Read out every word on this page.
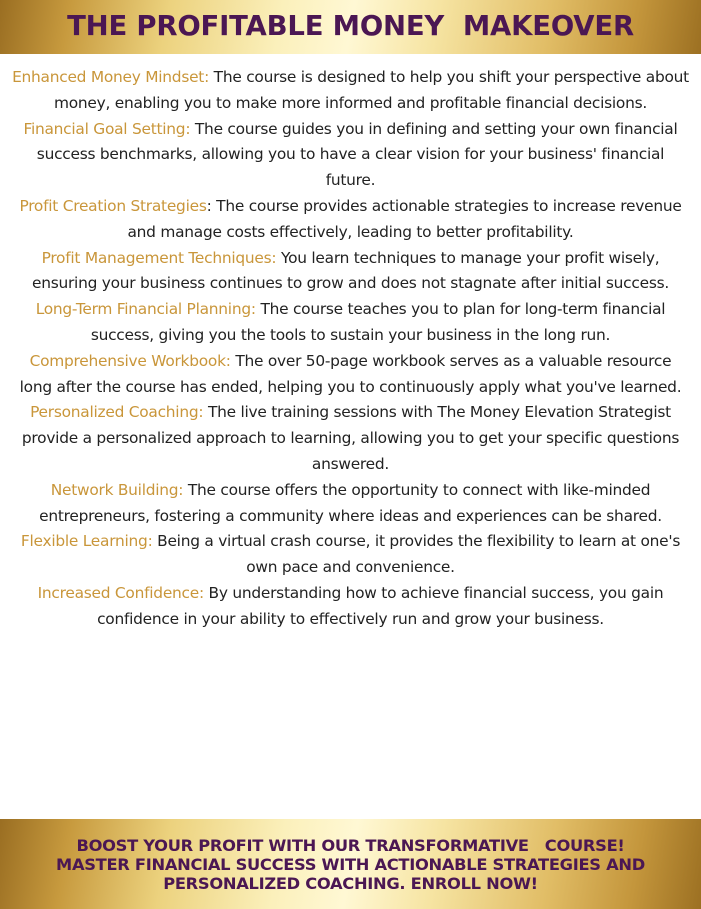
THE PROFITABLE MONEY  MAKEOVER

Enhanced Money Mindset: The course is designed to help you shift your perspective about money, enabling you to make more informed and profitable financial decisions.

Financial Goal Setting: The course guides you in defining and setting your own financial success benchmarks, allowing you to have a clear vision for your business' financial future.

Profit Creation Strategies: The course provides actionable strategies to increase revenue and manage costs effectively, leading to better profitability.

Profit Management Techniques: You learn techniques to manage your profit wisely, ensuring your business continues to grow and does not stagnate after initial success.

Long-Term Financial Planning: The course teaches you to plan for long-term financial success, giving you the tools to sustain your business in the long run.

Comprehensive Workbook: The over 50-page workbook serves as a valuable resource long after the course has ended, helping you to continuously apply what you've learned.

Personalized Coaching: The live training sessions with The Money Elevation Strategist provide a personalized approach to learning, allowing you to get your specific questions answered.

Network Building: The course offers the opportunity to connect with like-minded entrepreneurs, fostering a community where ideas and experiences can be shared.

Flexible Learning: Being a virtual crash course, it provides the flexibility to learn at one's own pace and convenience.

Increased Confidence: By understanding how to achieve financial success, you gain confidence in your ability to effectively run and grow your business.

BOOST YOUR PROFIT WITH OUR TRANSFORMATIVE   COURSE!
MASTER FINANCIAL SUCCESS WITH ACTIONABLE STRATEGIES AND
PERSONALIZED COACHING. ENROLL NOW!
